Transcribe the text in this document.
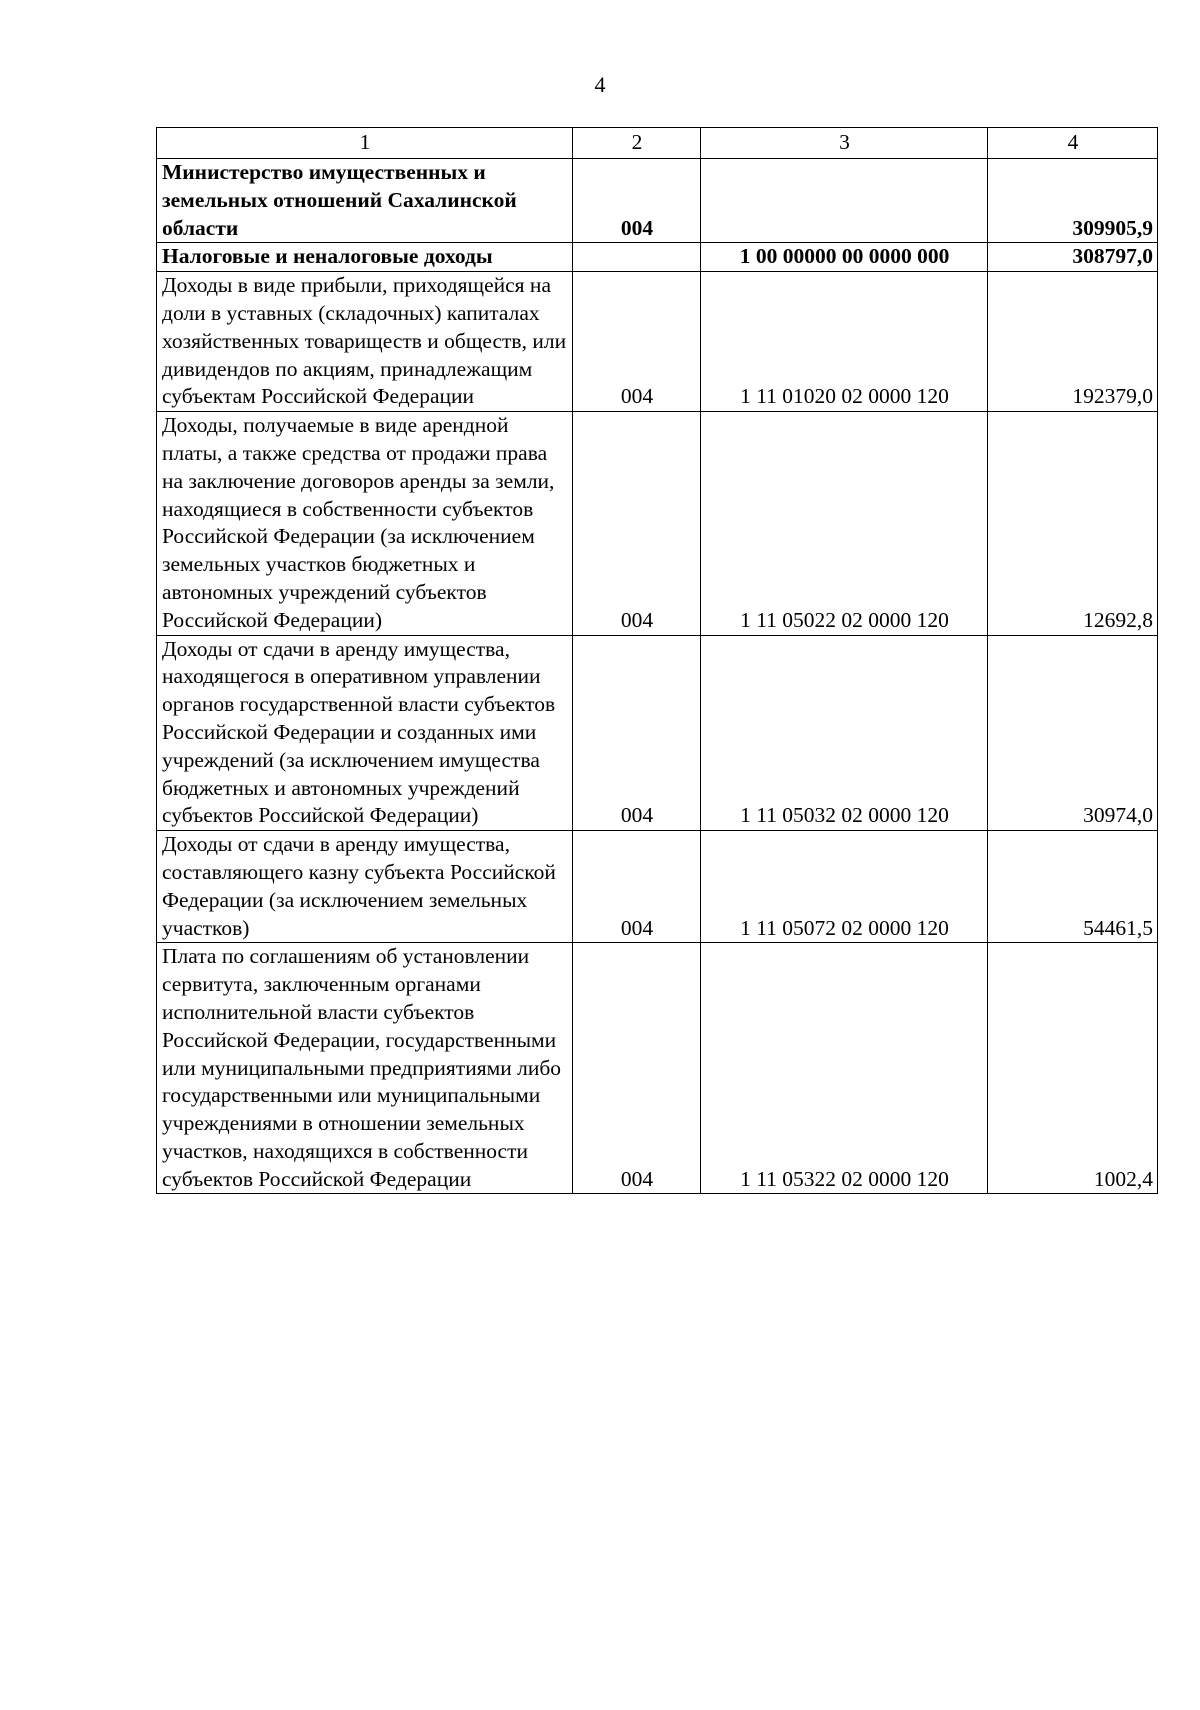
4
1	2	3	4
Министерство имущественных и земельных отношений Сахалинской области	004		309905,9
Налоговые и неналоговые доходы		1 00 00000 00 0000 000	308797,0
Доходы в виде прибыли, приходящейся на доли в уставных (складочных) капиталах хозяйственных товариществ и обществ, или дивидендов по акциям, принадлежащим субъектам Российской Федерации	004	1 11 01020 02 0000 120	192379,0
Доходы, получаемые в виде арендной платы, а также средства от продажи права на заключение договоров аренды за земли, находящиеся в собственности субъектов Российской Федерации (за исключением земельных участков бюджетных и автономных учреждений субъектов Российской Федерации)	004	1 11 05022 02 0000 120	12692,8
Доходы от сдачи в аренду имущества, находящегося в оперативном управлении органов государственной власти субъектов Российской Федерации и созданных ими учреждений (за исключением имущества бюджетных и автономных учреждений субъектов Российской Федерации)	004	1 11 05032 02 0000 120	30974,0
Доходы от сдачи в аренду имущества, составляющего казну субъекта Российской Федерации (за исключением земельных участков)	004	1 11 05072 02 0000 120	54461,5
Плата по соглашениям об установлении сервитута, заключенным органами исполнительной власти субъектов Российской Федерации, государственными или муниципальными предприятиями либо государственными или муниципальными учреждениями в отношении земельных участков, находящихся в собственности субъектов Российской Федерации	004	1 11 05322 02 0000 120	1002,4
